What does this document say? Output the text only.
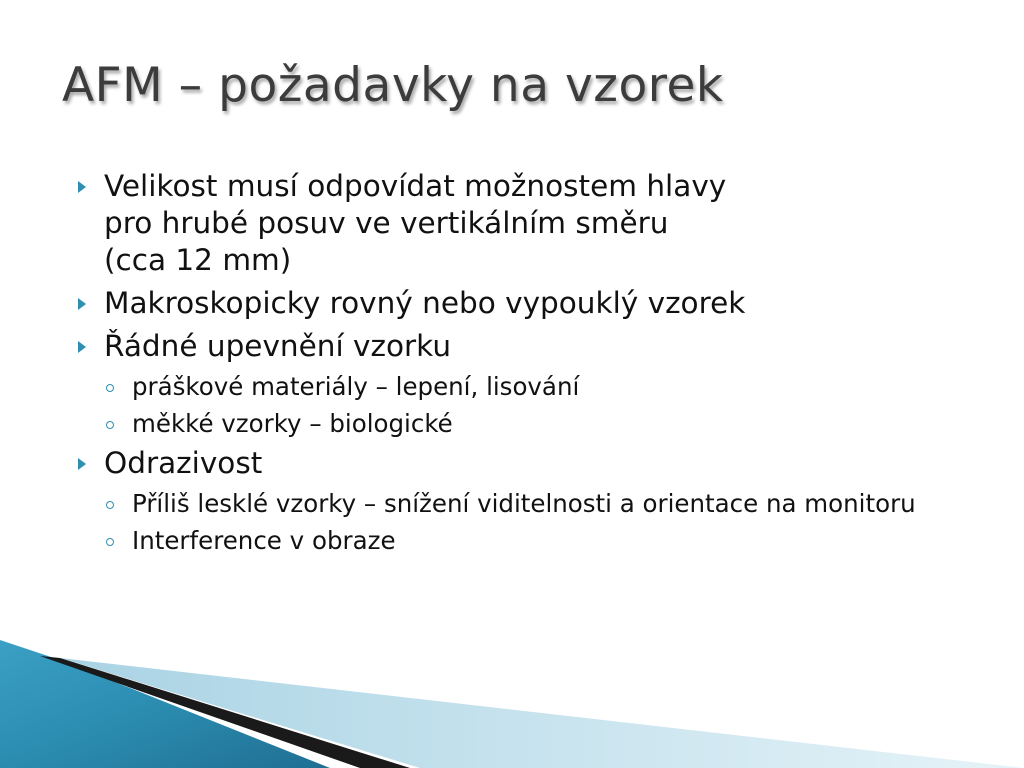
AFM – požadavky na vzorek
Velikost musí odpovídat možnostem hlavy
pro hrubé posuv ve vertikálním směru
(cca 12 mm)
Makroskopicky rovný nebo vypouklý vzorek
Řádné upevnění vzorku
práškové materiály – lepení, lisování
měkké vzorky – biologické
Odrazivost
Příliš lesklé vzorky – snížení viditelnosti a orientace na monitoru
Interference v obraze
